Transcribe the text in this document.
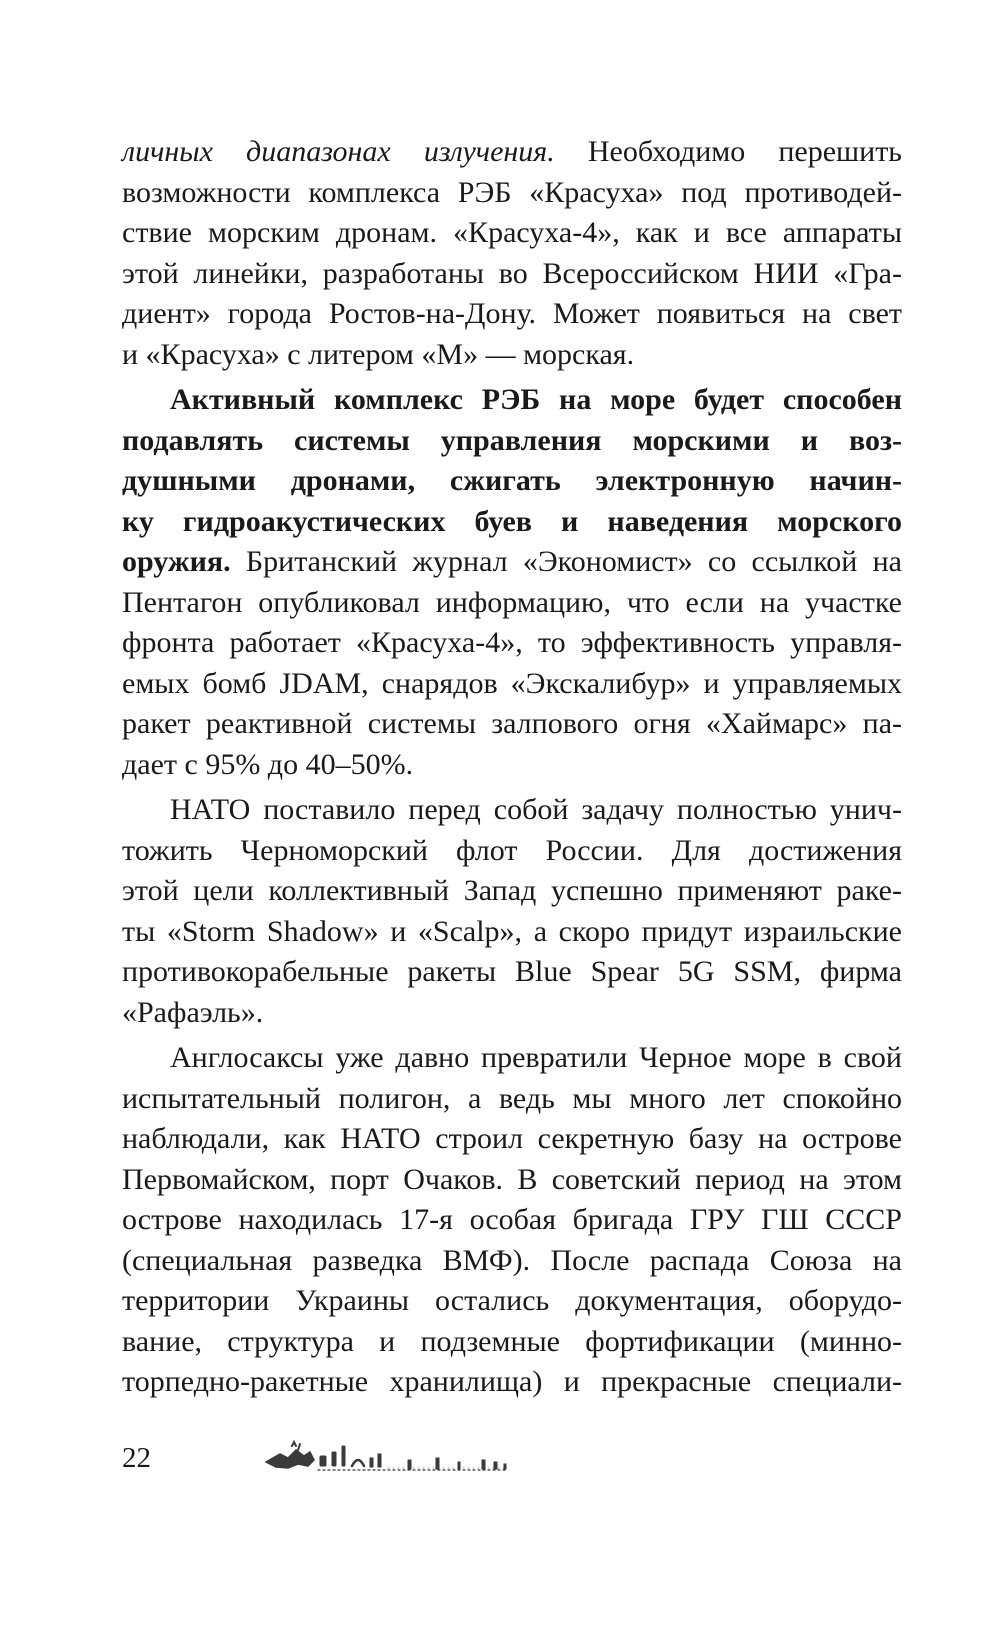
личных диапазонах излучения. Необходимо перешить
возможности комплекса РЭБ «Красуха» под противодей-
ствие морским дронам. «Красуха-4», как и все аппараты
этой линейки, разработаны во Всероссийском НИИ «Гра-
диент» города Ростов-на-Дону. Может появиться на свет
и «Красуха» с литером «М» — морская.
Активный комплекс РЭБ на море будет способен
подавлять системы управления морскими и воз-
душными дронами, сжигать электронную начин-
ку гидроакустических буев и наведения морского
оружия. Британский журнал «Экономист» со ссылкой на
Пентагон опубликовал информацию, что если на участке
фронта работает «Красуха-4», то эффективность управля-
емых бомб JDAM, снарядов «Экскалибур» и управляемых
ракет реактивной системы залпового огня «Хаймарс» па-
дает с 95% до 40–50%.
НАТО поставило перед собой задачу полностью унич-
тожить Черноморский флот России. Для достижения
этой цели коллективный Запад успешно применяют раке-
ты «Storm Shadow» и «Scalp», а скоро придут израильские
противокорабельные ракеты Blue Spear 5G SSM, фирма
«Рафаэль».
Англосаксы уже давно превратили Черное море в свой
испытательный полигон, а ведь мы много лет спокойно
наблюдали, как НАТО строил секретную базу на острове
Первомайском, порт Очаков. В советский период на этом
острове находилась 17-я особая бригада ГРУ ГШ СССР
(специальная разведка ВМФ). После распада Союза на
территории Украины остались документация, оборудо-
вание, структура и подземные фортификации (минно-
торпедно-ракетные хранилища) и прекрасные специали-
22
